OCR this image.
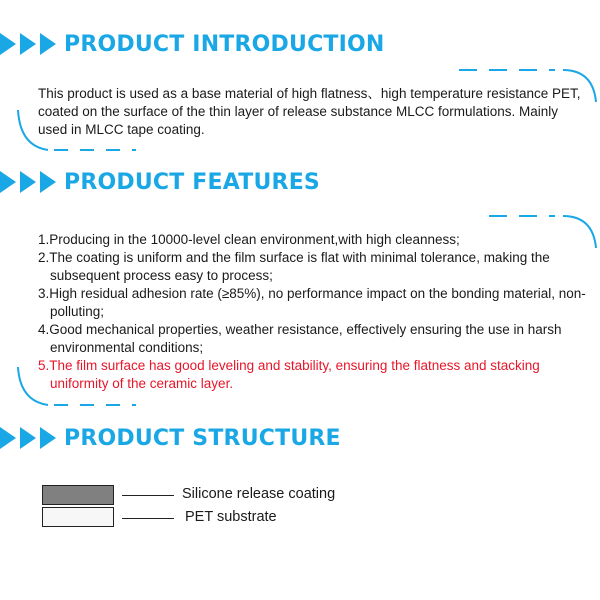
PRODUCT INTRODUCTION

This product is used as a base material of high flatness、high temperature resistance PET, coated on the surface of the thin layer of release substance MLCC formulations. Mainly used in MLCC tape coating.

PRODUCT FEATURES
1.Producing in the 10000-level clean environment,with high cleanness;
2.The coating is uniform and the film surface is flat with minimal tolerance, making the subsequent process easy to process;
3.High residual adhesion rate (≥85%), no performance impact on the bonding material, non-polluting;
4.Good mechanical properties, weather resistance, effectively ensuring the use in harsh environmental conditions;
5.The film surface has good leveling and stability, ensuring the flatness and stacking uniformity of the ceramic layer.
PRODUCT STRUCTURE
Silicone release coating
PET substrate
